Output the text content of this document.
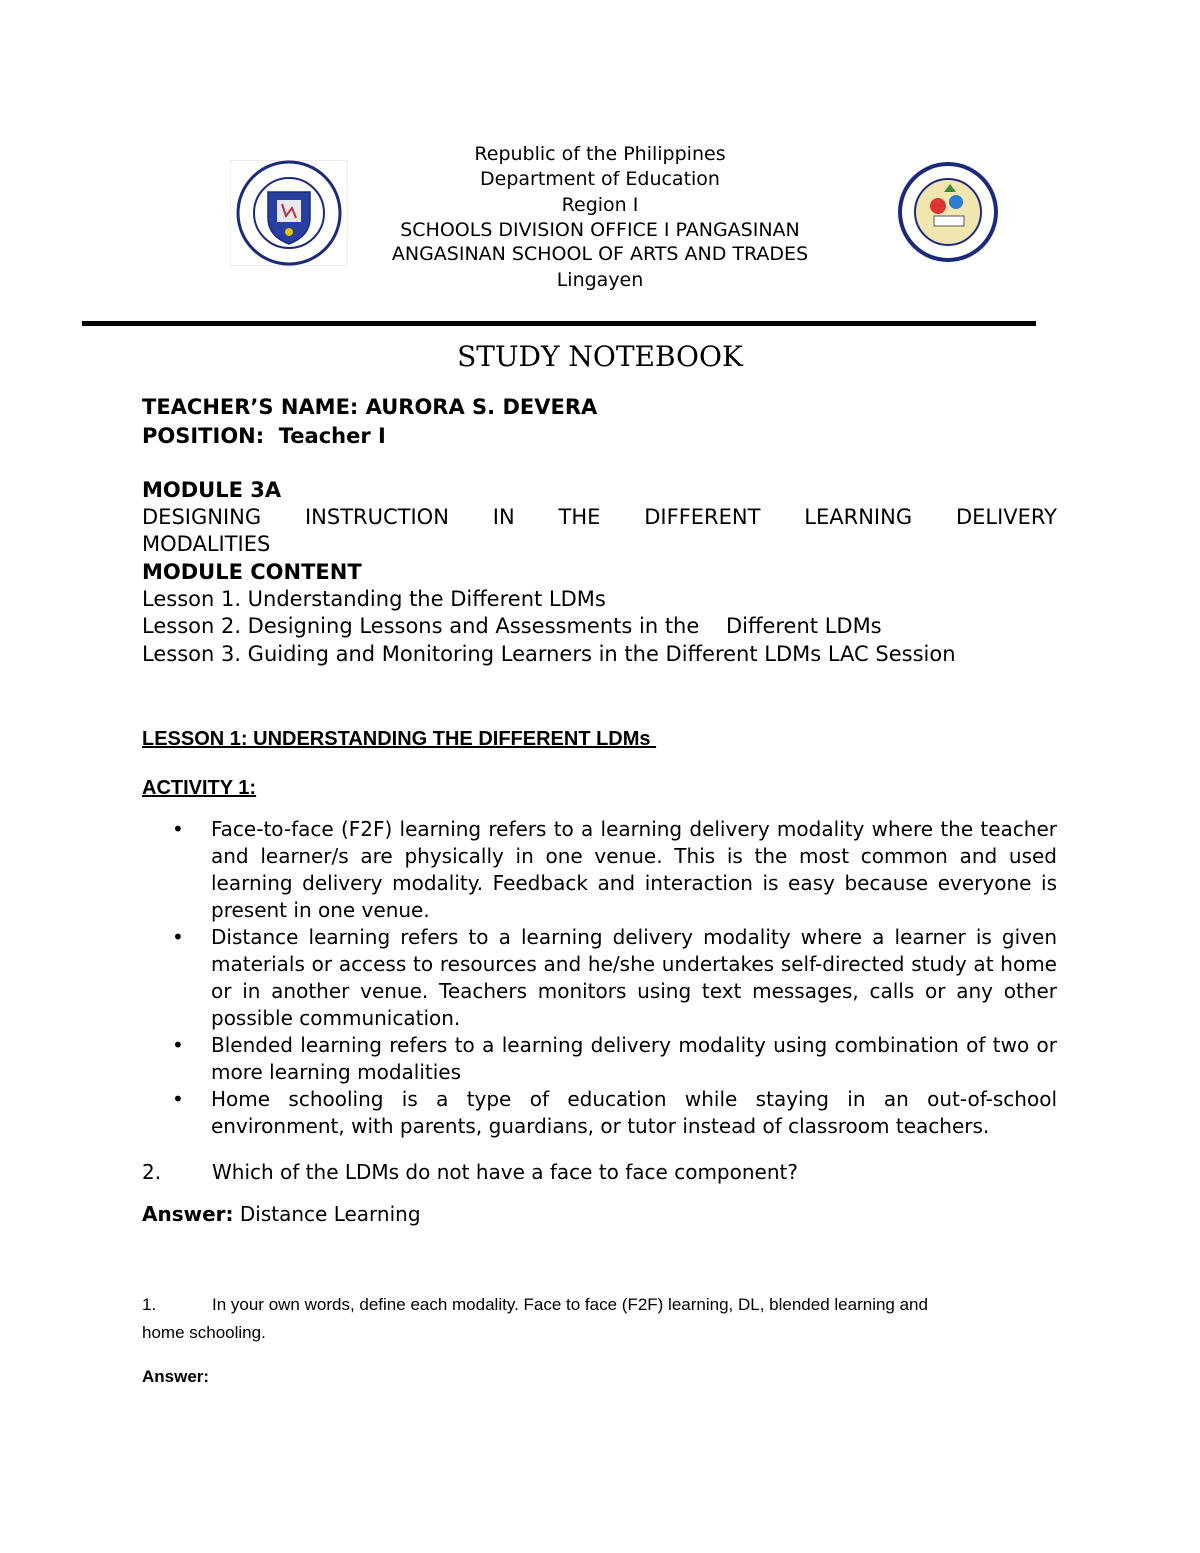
Republic of the Philippines
Department of Education
Region I
SCHOOLS DIVISION OFFICE I PANGASINAN
ANGASINAN SCHOOL OF ARTS AND TRADES
Lingayen
STUDY NOTEBOOK
TEACHER’S NAME: AURORA S. DEVERA
POSITION:  Teacher I
MODULE 3A
DESIGNING INSTRUCTION IN THE DIFFERENT LEARNING DELIVERY
MODALITIES
MODULE CONTENT
Lesson 1. Understanding the Different LDMs
Lesson 2. Designing Lessons and Assessments in the    Different LDMs
Lesson 3. Guiding and Monitoring Learners in the Different LDMs LAC Session
LESSON 1: UNDERSTANDING THE DIFFERENT LDMs
ACTIVITY 1:
• Face-to-face (F2F) learning refers to a learning delivery modality where the teacher and learner/s are physically in one venue. This is the most common and used learning delivery modality. Feedback and interaction is easy because everyone is present in one venue.
• Distance learning refers to a learning delivery modality where a learner is given materials or access to resources and he/she undertakes self-directed study at home or in another venue. Teachers monitors using text messages, calls or any other possible communication.
• Blended learning refers to a learning delivery modality using combination of two or more learning modalities
• Home schooling is a type of education while staying in an out-of-school environment, with parents, guardians, or tutor instead of classroom teachers.
2.	Which of the LDMs do not have a face to face component?
Answer: Distance Learning
1.	In your own words, define each modality. Face to face (F2F) learning, DL, blended learning and
home schooling.
Answer:
